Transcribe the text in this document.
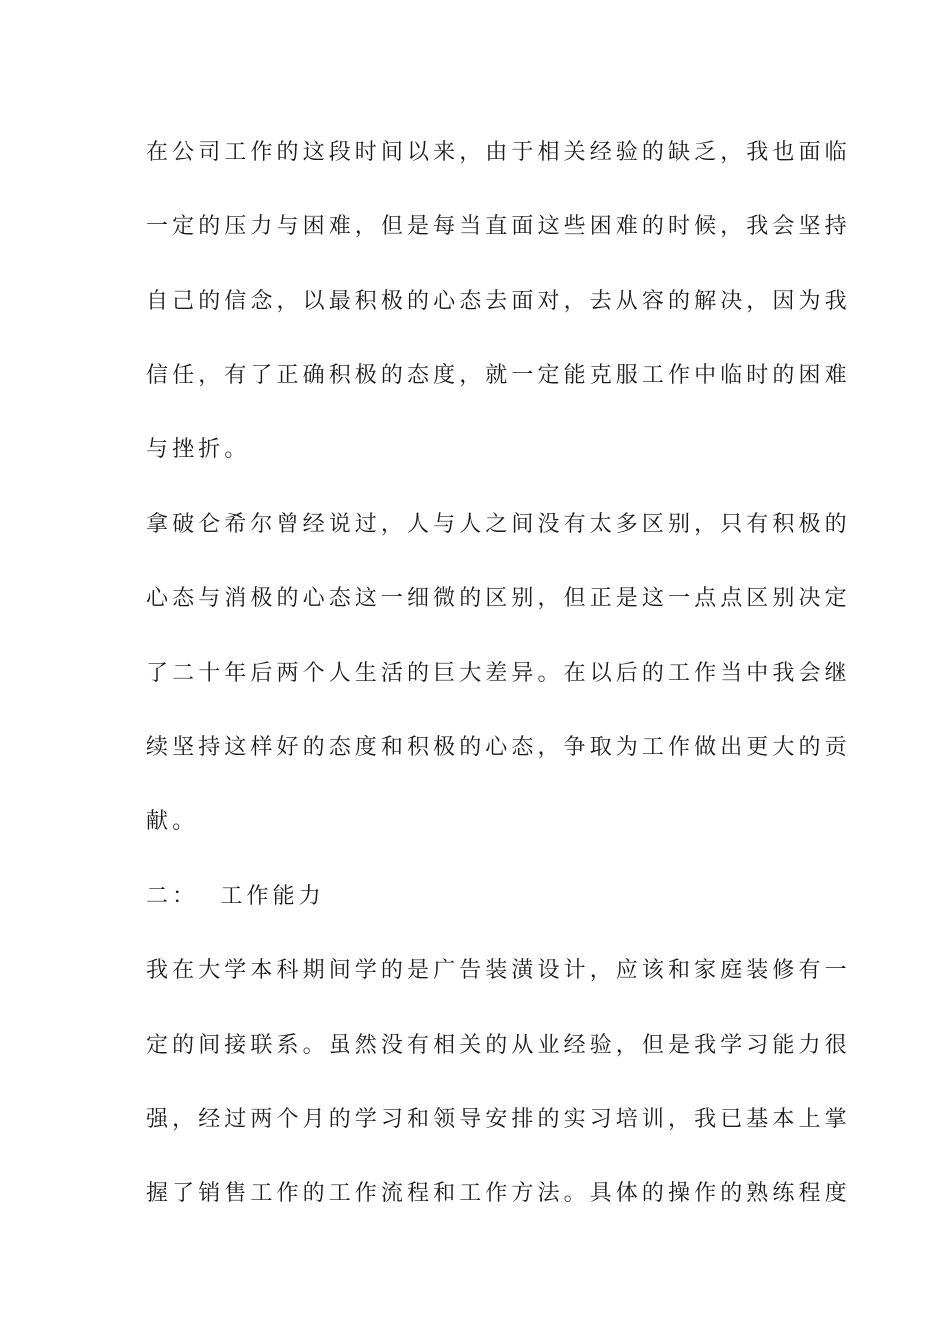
在公司工作的这段时间以来，由于相关经验的缺乏，我也面临
一定的压力与困难，但是每当直面这些困难的时候，我会坚持
自己的信念，以最积极的心态去面对，去从容的解决，因为我
信任，有了正确积极的态度，就一定能克服工作中临时的困难
与挫折。
拿破仑希尔曾经说过，人与人之间没有太多区别，只有积极的
心态与消极的心态这一细微的区别，但正是这一点点区别决定
了二十年后两个人生活的巨大差异。在以后的工作当中我会继
续坚持这样好的态度和积极的心态，争取为工作做出更大的贡
献。
二：  工作能力
我在大学本科期间学的是广告装潢设计，应该和家庭装修有一
定的间接联系。虽然没有相关的从业经验，但是我学习能力很
强，经过两个月的学习和领导安排的实习培训，我已基本上掌
握了销售工作的工作流程和工作方法。具体的操作的熟练程度
